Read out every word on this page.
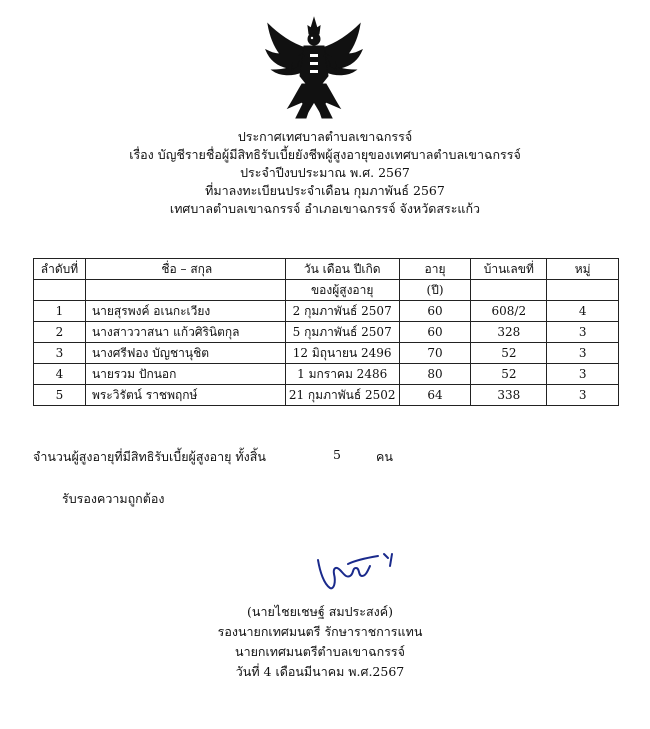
ประกาศเทศบาลตำบลเขาฉกรรจ์
เรื่อง บัญชีรายชื่อผู้มีสิทธิรับเบี้ยยังชีพผู้สูงอายุของเทศบาลตำบลเขาฉกรรจ์
ประจำปีงบประมาณ พ.ศ. 2567
ที่มาลงทะเบียนประจำเดือน กุมภาพันธ์ 2567
เทศบาลตำบลเขาฉกรรจ์ อำเภอเขาฉกรรจ์ จังหวัดสระแก้ว
ลำดับที่	ชื่อ – สกุล	วัน เดือน ปีเกิด	อายุ	บ้านเลขที่	หมู่
		ของผู้สูงอายุ	(ปี)		
1	นายสุรพงค์ อเนกะเวียง	2 กุมภาพันธ์ 2507	60	608/2	4
2	นางสาววาสนา แก้วศิรินิตกุล	5 กุมภาพันธ์ 2507	60	328	3
3	นางศรีฟอง บัญชานุชิต	12 มิถุนายน 2496	70	52	3
4	นายรวม ปักนอก	1 มกราคม 2486	80	52	3
5	พระวิรัตน์ ราชพฤกษ์	21 กุมภาพันธ์ 2502	64	338	3
จำนวนผู้สูงอายุที่มีสิทธิรับเบี้ยผู้สูงอายุ ทั้งสิ้น	5	คน
รับรองความถูกต้อง
(นายไชยเชษฐ์ สมประสงค์)
รองนายกเทศมนตรี รักษาราชการแทน
นายกเทศมนตรีตำบลเขาฉกรรจ์
วันที่ 4 เดือนมีนาคม พ.ศ.2567
